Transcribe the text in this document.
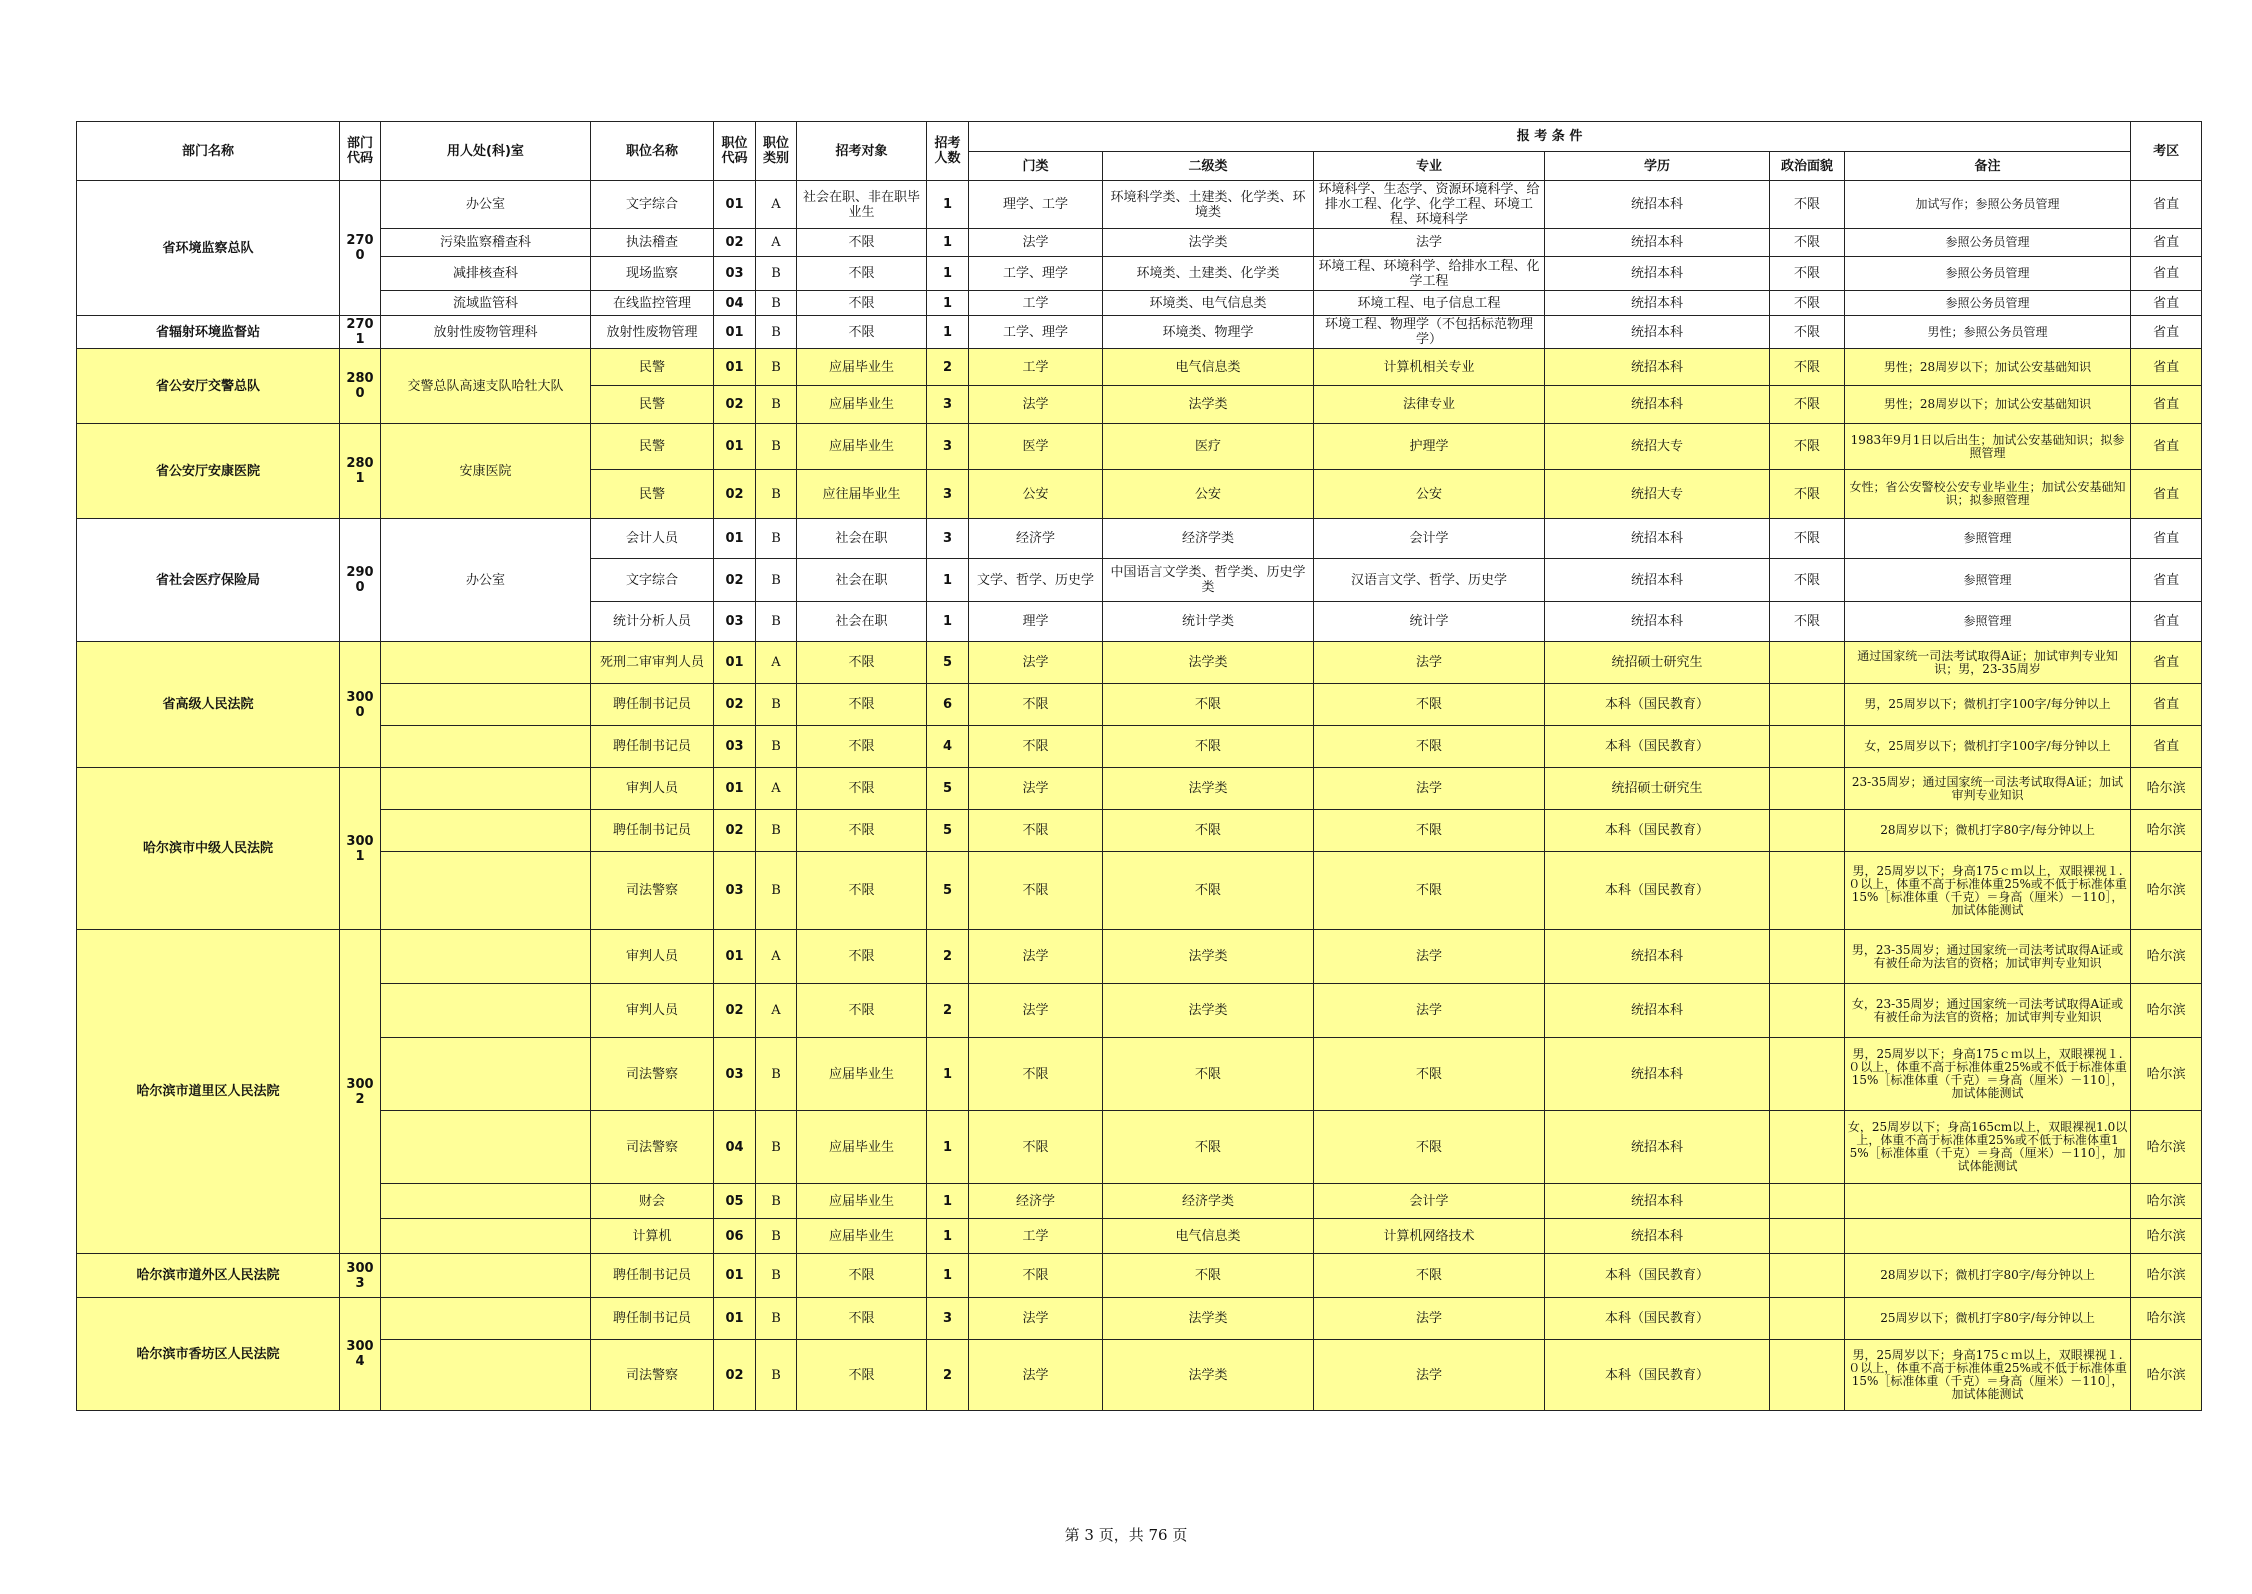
部门名称	部门代码	用人处(科)室	职位名称	职位代码	职位类别	招考对象	招考人数	报 考 条 件						考区
								门类	二级类	专业	学历	政治面貌	备注	
省环境监察总队	2700	办公室	文字综合	01	A	社会在职、非在职毕业生	1	理学、工学	环境科学类、土建类、化学类、环境类	环境科学、生态学、资源环境科学、给排水工程、化学、化学工程、环境工程、环境科学	统招本科	不限	加试写作；参照公务员管理	省直
		污染监察稽查科	执法稽查	02	A	不限	1	法学	法学类	法学	统招本科	不限	参照公务员管理	省直
		减排核查科	现场监察	03	B	不限	1	工学、理学	环境类、土建类、化学类	环境工程、环境科学、给排水工程、化学工程	统招本科	不限	参照公务员管理	省直
		流域监管科	在线监控管理	04	B	不限	1	工学	环境类、电气信息类	环境工程、电子信息工程	统招本科	不限	参照公务员管理	省直
省辐射环境监督站	2701	放射性废物管理科	放射性废物管理	01	B	不限	1	工学、理学	环境类、物理学	环境工程、物理学（不包括标范物理学）	统招本科	不限	男性；参照公务员管理	省直
省公安厅交警总队	2800	交警总队高速支队哈牡大队	民警	01	B	应届毕业生	2	工学	电气信息类	计算机相关专业	统招本科	不限	男性；28周岁以下；加试公安基础知识	省直
			民警	02	B	应届毕业生	3	法学	法学类	法律专业	统招本科	不限	男性；28周岁以下；加试公安基础知识	省直
省公安厅安康医院	2801	安康医院	民警	01	B	应届毕业生	3	医学	医疗	护理学	统招大专	不限	1983年9月1日以后出生；加试公安基础知识；拟参照管理	省直
			民警	02	B	应往届毕业生	3	公安	公安	公安	统招大专	不限	女性；省公安警校公安专业毕业生；加试公安基础知识；拟参照管理	省直
省社会医疗保险局	2900	办公室	会计人员	01	B	社会在职	3	经济学	经济学类	会计学	统招本科	不限	参照管理	省直
			文字综合	02	B	社会在职	1	文学、哲学、历史学	中国语言文学类、哲学类、历史学类	汉语言文学、哲学、历史学	统招本科	不限	参照管理	省直
			统计分析人员	03	B	社会在职	1	理学	统计学类	统计学	统招本科	不限	参照管理	省直
省高级人民法院	3000		死刑二审审判人员	01	A	不限	5	法学	法学类	法学	统招硕士研究生		通过国家统一司法考试取得A证；加试审判专业知识；男，23-35周岁	省直
			聘任制书记员	02	B	不限	6	不限	不限	不限	本科（国民教育）		男，25周岁以下；微机打字100字/每分钟以上	省直
			聘任制书记员	03	B	不限	4	不限	不限	不限	本科（国民教育）		女，25周岁以下；微机打字100字/每分钟以上	省直
哈尔滨市中级人民法院	3001		审判人员	01	A	不限	5	法学	法学类	法学	统招硕士研究生		23-35周岁；通过国家统一司法考试取得A证；加试审判专业知识	哈尔滨
			聘任制书记员	02	B	不限	5	不限	不限	不限	本科（国民教育）		28周岁以下；微机打字80字/每分钟以上	哈尔滨
			司法警察	03	B	不限	5	不限	不限	不限	本科（国民教育）		男，25周岁以下；身高175ｃｍ以上，双眼裸视１.０以上，体重不高于标准体重25%或不低于标准体重15%［标准体重（千克）＝身高（厘米）－110］，加试体能测试	哈尔滨
哈尔滨市道里区人民法院	3002		审判人员	01	A	不限	2	法学	法学类	法学	统招本科		男，23-35周岁；通过国家统一司法考试取得A证或有被任命为法官的资格；加试审判专业知识	哈尔滨
			审判人员	02	A	不限	2	法学	法学类	法学	统招本科		女，23-35周岁；通过国家统一司法考试取得A证或有被任命为法官的资格；加试审判专业知识	哈尔滨
			司法警察	03	B	应届毕业生	1	不限	不限	不限	统招本科		男，25周岁以下；身高175ｃｍ以上，双眼裸视１.０以上，体重不高于标准体重25%或不低于标准体重15%［标准体重（千克）＝身高（厘米）－110］，加试体能测试	哈尔滨
			司法警察	04	B	应届毕业生	1	不限	不限	不限	统招本科		女，25周岁以下；身高165cm以上，双眼裸视1.0以上，体重不高于标准体重25%或不低于标准体重15%［标准体重（千克）＝身高（厘米）－110］，加试体能测试	哈尔滨
			财会	05	B	应届毕业生	1	经济学	经济学类	会计学	统招本科			哈尔滨
			计算机	06	B	应届毕业生	1	工学	电气信息类	计算机网络技术	统招本科			哈尔滨
哈尔滨市道外区人民法院	3003		聘任制书记员	01	B	不限	1	不限	不限	不限	本科（国民教育）		28周岁以下；微机打字80字/每分钟以上	哈尔滨
哈尔滨市香坊区人民法院	3004		聘任制书记员	01	B	不限	3	法学	法学类	法学	本科（国民教育）		25周岁以下；微机打字80字/每分钟以上	哈尔滨
			司法警察	02	B	不限	2	法学	法学类	法学	本科（国民教育）		男，25周岁以下；身高175ｃｍ以上，双眼裸视１.０以上，体重不高于标准体重25%或不低于标准体重15%［标准体重（千克）＝身高（厘米）－110］，加试体能测试	哈尔滨
第 3 页，共 76 页
